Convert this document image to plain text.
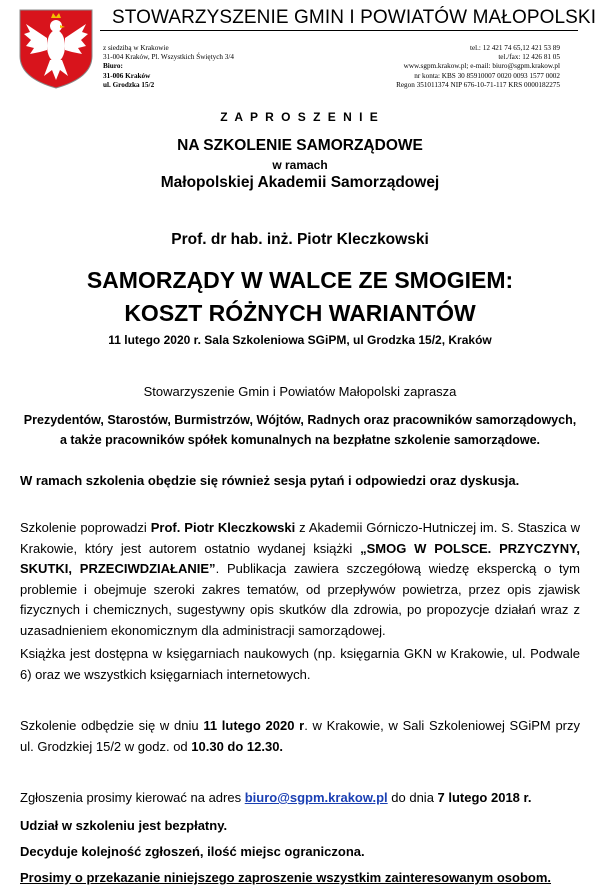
STOWARZYSZENIE GMIN I POWIATÓW MAŁOPOLSKI
z siedzibą w Krakowie
31-004 Kraków, Pl. Wszystkich Świętych 3/4
Biuro:
31-006 Kraków
ul. Grodzka 15/2
tel.: 12 421 74 65,12 421 53 89
tel./fax: 12 426 81 05
www.sgpm.krakow.pl; e-mail: biuro@sgpm.krakow.pl
nr konta: KBS 30 85910007 0020 0093 1577 0002
Regon 351011374 NIP 676-10-71-117 KRS 0000182275
Z A P R O S Z E N I E
NA SZKOLENIE SAMORZĄDOWE
w ramach
Małopolskiej Akademii Samorządowej
Prof. dr hab. inż. Piotr Kleczkowski
SAMORZĄDY W WALCE ZE SMOGIEM:
KOSZT RÓŻNYCH WARIANTÓW
11 lutego 2020 r. Sala Szkoleniowa SGiPM, ul Grodzka 15/2, Kraków
Stowarzyszenie Gmin i Powiatów Małopolski zaprasza
Prezydentów, Starostów, Burmistrzów, Wójtów, Radnych oraz pracowników samorządowych,
a także pracowników spółek komunalnych na bezpłatne szkolenie samorządowe.
W ramach szkolenia obędzie się również sesja pytań i odpowiedzi oraz dyskusja.
Szkolenie poprowadzi Prof. Piotr Kleczkowski z Akademii Górniczo-Hutniczej im. S. Staszica w Krakowie, który jest autorem ostatnio wydanej książki „SMOG W POLSCE. PRZYCZYNY, SKUTKI, PRZECIWDZIAŁANIE”. Publikacja zawiera szczegółową wiedzę ekspercką o tym problemie i obejmuje szeroki zakres tematów, od przepływów powietrza, przez opis zjawisk fizycznych i chemicznych, sugestywny opis skutków dla zdrowia, po propozycje działań wraz z uzasadnieniem ekonomicznym dla administracji samorządowej.
Książka jest dostępna w księgarniach naukowych (np. księgarnia GKN w Krakowie, ul. Podwale 6) oraz we wszystkich księgarniach internetowych.
Szkolenie odbędzie się w dniu 11 lutego 2020 r. w Krakowie, w Sali Szkoleniowej SGiPM przy ul. Grodzkiej 15/2 w godz. od 10.30 do 12.30.
Zgłoszenia prosimy kierować na adres biuro@sgpm.krakow.pl do dnia 7 lutego 2018 r.
Udział w szkoleniu jest bezpłatny.
Decyduje kolejność zgłoszeń, ilość miejsc ograniczona.
Prosimy o przekazanie niniejszego zaproszenie wszystkim zainteresowanym osobom.
